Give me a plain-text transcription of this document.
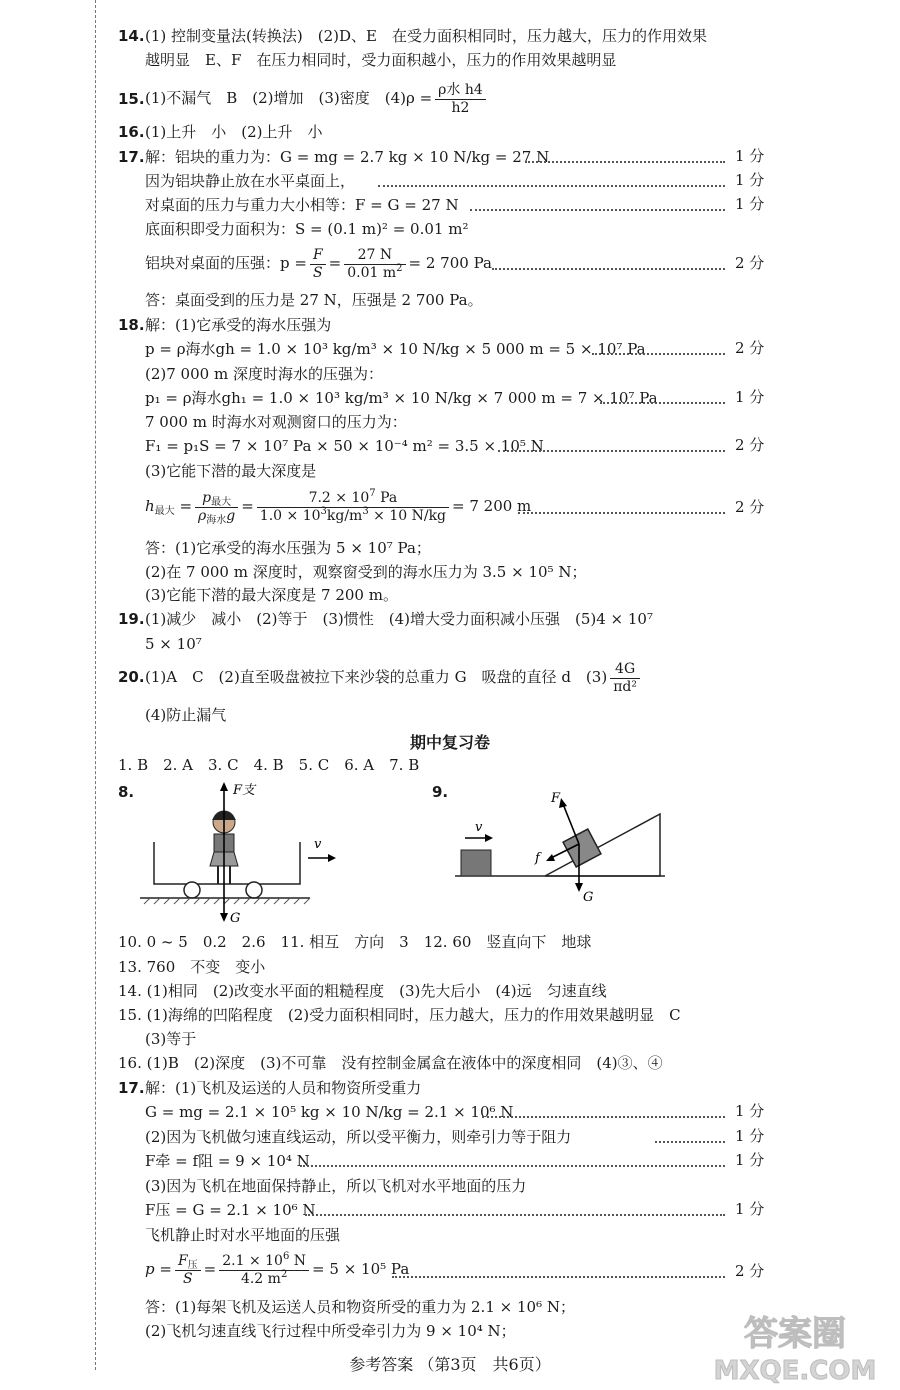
14. (1) 控制变量法(转换法)　(2)D、E　在受力面积相同时，压力越大，压力的作用效果
越明显　E、F　在压力相同时，受力面积越小，压力的作用效果越明显
15. (1)不漏气　B　(2)增加　(3)密度　$(4)\rho = \frac{\text{ρ水 h4}}{h2}$
16. (1)上升　小　(2)上升　小
17. 解：铝块的重力为：G = mg = 2.7 kg × 10 N/kg = 27 N	1 分
因为铝块静止放在水平桌面上，	1 分
对桌面的压力与重力大小相等：F = G = 27 N	1 分
底面积即受力面积为：S = (0.1 m)² = 0.01 m²
铝块对桌面的压强：$p = \frac{F}{S} = \frac{27 N}{0.01 m^2} = 2$ 700 Pa	2 分
答：桌面受到的压力是 27 N，压强是 2 700 Pa。
18. 解：(1)它承受的海水压强为
p = ρ海水gh = 1.0 × 10³ kg/m³ × 10 N/kg × 5 000 m = 5 × 10⁷ Pa	2 分
(2)7 000 m 深度时海水的压强为：
p₁ = ρ海水gh₁ = 1.0 × 10³ kg/m³ × 10 N/kg × 7 000 m = 7 × 10⁷ Pa	1 分
7 000 m 时海水对观测窗口的压力为：
F₁ = p₁S = 7 × 10⁷ Pa × 50 × 10⁻⁴ m² = 3.5 × 10⁵ N	2 分
(3)它能下潜的最大深度是
$h_{最大} = \frac{p_{最大}}{\rho_{海水}g} = \frac{7.2 \times 10^7 Pa}{1.0 \times 10^3kg/m^3 \times 10 N/kg} = 7$ 200 m	2 分
答：(1)它承受的海水压强为 5 × 10⁷ Pa；
(2)在 7 000 m 深度时，观察窗受到的海水压力为 3.5 × 10⁵ N；
(3)它能下潜的最大深度是 7 200 m。
19. (1)减少　减小　(2)等于　(3)惯性　(4)增大受力面积减小压强　(5)4 × 10⁷
5 × 10⁷
20. (1)A　C　(2)直至吸盘被拉下来沙袋的总重力 G　吸盘的直径 d　$(3) \frac{4G}{\text{πd²}}$
(4)防止漏气
期中复习卷
1. B　2. A　3. C　4. B　5. C　6. A　7. B
8.	9.
F支
v
G
v
F
f
G
10. 0 ~ 5　0.2　2.6　11. 相互　方向　3　12. 60　竖直向下　地球
13. 760　不变　变小
14. (1)相同　(2)改变水平面的粗糙程度　(3)先大后小　(4)远　匀速直线
15. (1)海绵的凹陷程度　(2)受力面积相同时，压力越大，压力的作用效果越明显　C
(3)等于
16. (1)B　(2)深度　(3)不可靠　没有控制金属盒在液体中的深度相同　(4)③、④
17. 解：(1)飞机及运送的人员和物资所受重力
G = mg = 2.1 × 10⁵ kg × 10 N/kg = 2.1 × 10⁶ N	1 分
(2)因为飞机做匀速直线运动，所以受平衡力，则牵引力等于阻力	1 分
F牵 = f阻 = 9 × 10⁴ N	1 分
(3)因为飞机在地面保持静止，所以飞机对水平地面的压力
F压 = G = 2.1 × 10⁶ N	1 分
飞机静止时对水平地面的压强
$p = \frac{F_压}{S} = \frac{2.1 \times 10^6 N}{4.2 m^2} = 5 \times 10^5$ Pa	2 分
答：(1)每架飞机及运送人员和物资所受的重力为 2.1 × 10⁶ N；
(2)飞机匀速直线飞行过程中所受牵引力为 9 × 10⁴ N；	答案圈
MXQE.COM
参考答案 （第3页　共6页）
